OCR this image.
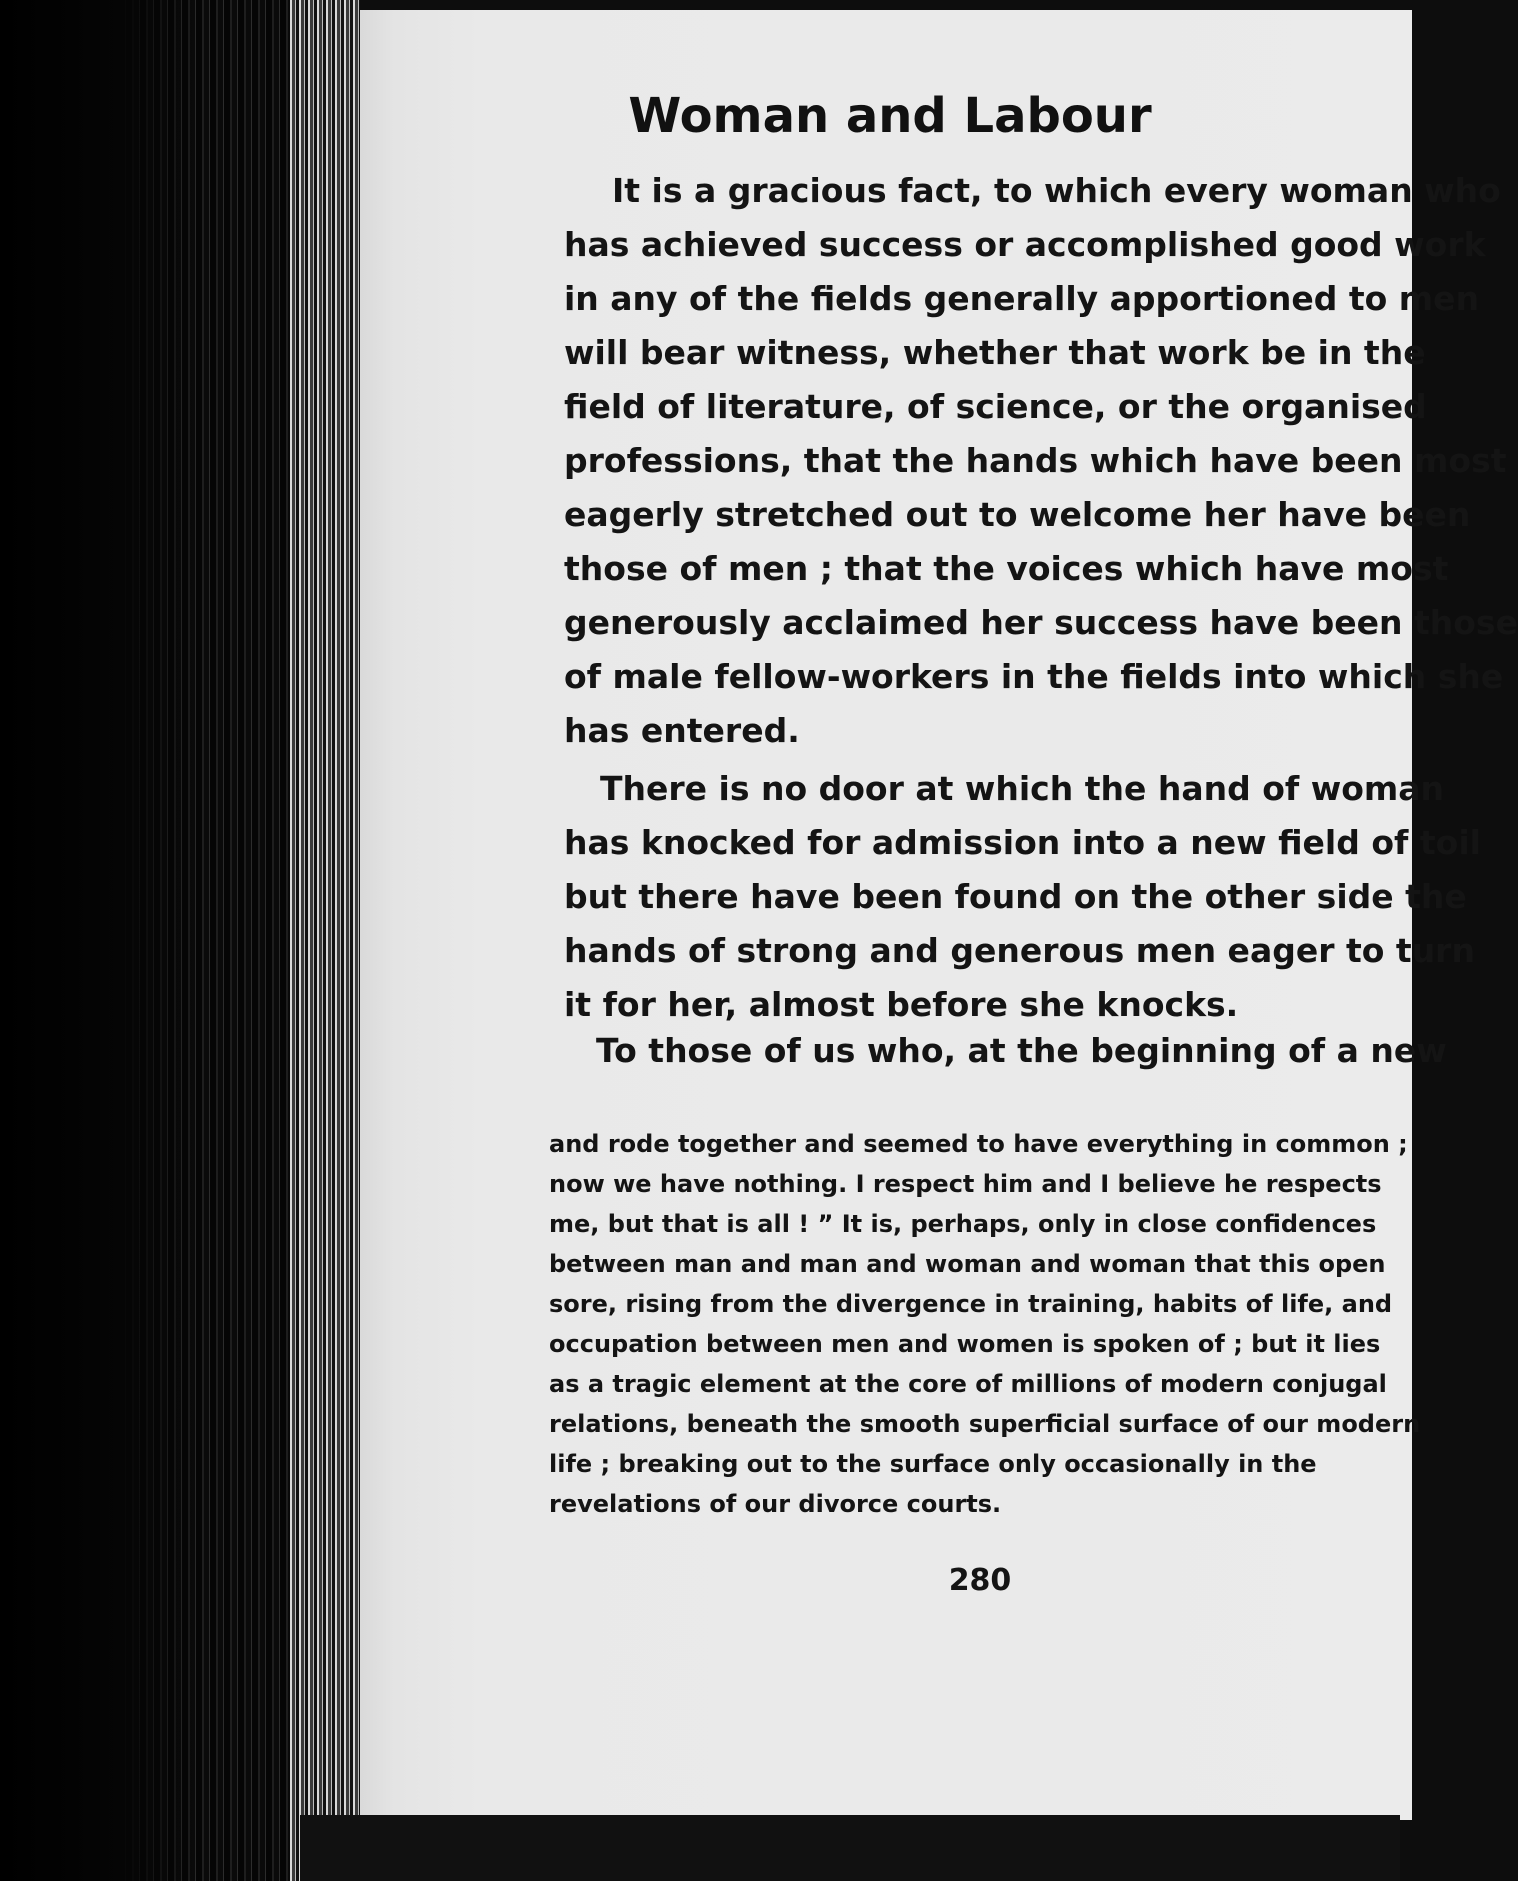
Woman and Labour
It is a gracious fact, to which every woman who
has achieved success or accomplished good work
in any of the fields generally apportioned to men
will bear witness, whether that work be in the
field of literature, of science, or the organised
professions, that the hands which have been most
eagerly stretched out to welcome her have been
those of men ; that the voices which have most
generously acclaimed her success have been those
of male fellow-workers in the fields into which she
has entered.
There is no door at which the hand of woman
has knocked for admission into a new field of toil
but there have been found on the other side the
hands of strong and generous men eager to turn
it for her, almost before she knocks.
To those of us who, at the beginning of a new
and rode together and seemed to have everything in common ;
now we have nothing. I respect him and I believe he respects
me, but that is all ! ” It is, perhaps, only in close confidences
between man and man and woman and woman that this open
sore, rising from the divergence in training, habits of life, and
occupation between men and women is spoken of ; but it lies
as a tragic element at the core of millions of modern conjugal
relations, beneath the smooth superficial surface of our modern
life ; breaking out to the surface only occasionally in the
revelations of our divorce courts.
280
